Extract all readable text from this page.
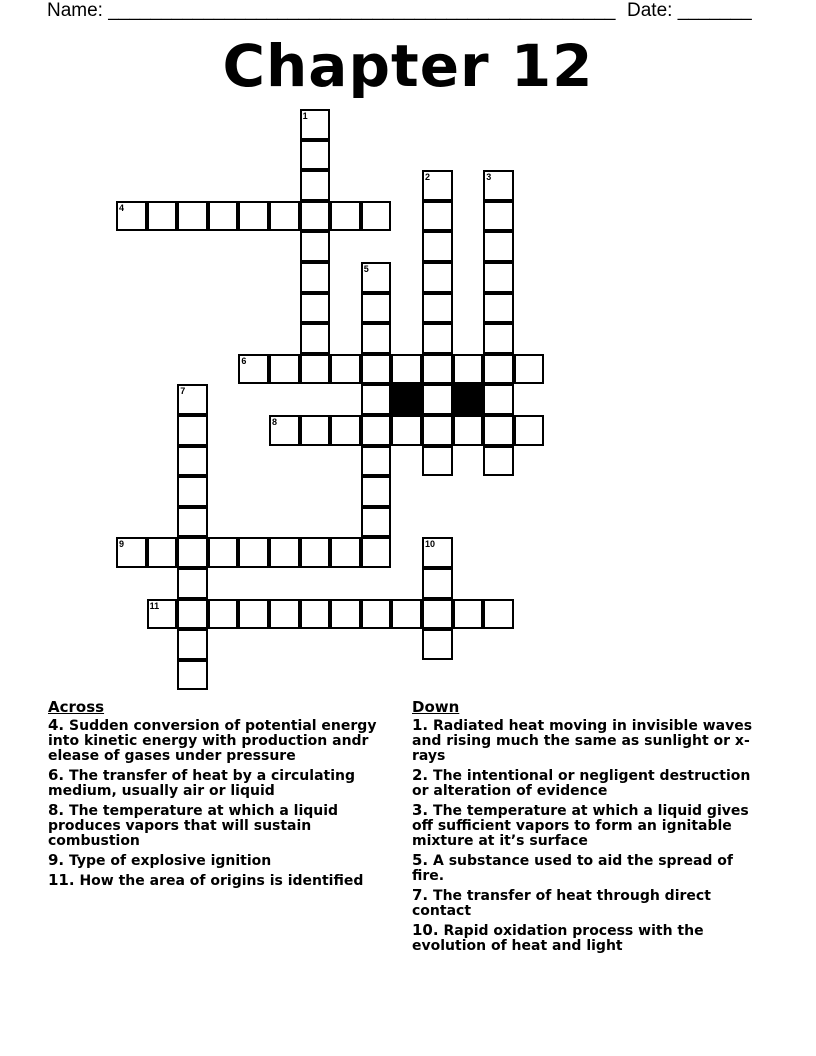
Name: ________________________________________________ Date: _______
Chapter 12
1
2	3
4
5
6
7
8
9	10
11
Across
4. Sudden conversion of potential energy into kinetic energy with production andr elease of gases under pressure
6. The transfer of heat by a circulating medium, usually air or liquid
8. The temperature at which a liquid produces vapors that will sustain combustion
9. Type of explosive ignition
11. How the area of origins is identified
Down
1. Radiated heat moving in invisible waves and rising much the same as sunlight or x-rays
2. The intentional or negligent destruction or alteration of evidence
3. The temperature at which a liquid gives off sufficient vapors to form an ignitable mixture at it’s surface
5. A substance used to aid the spread of fire.
7. The transfer of heat through direct contact
10. Rapid oxidation process with the evolution of heat and light
